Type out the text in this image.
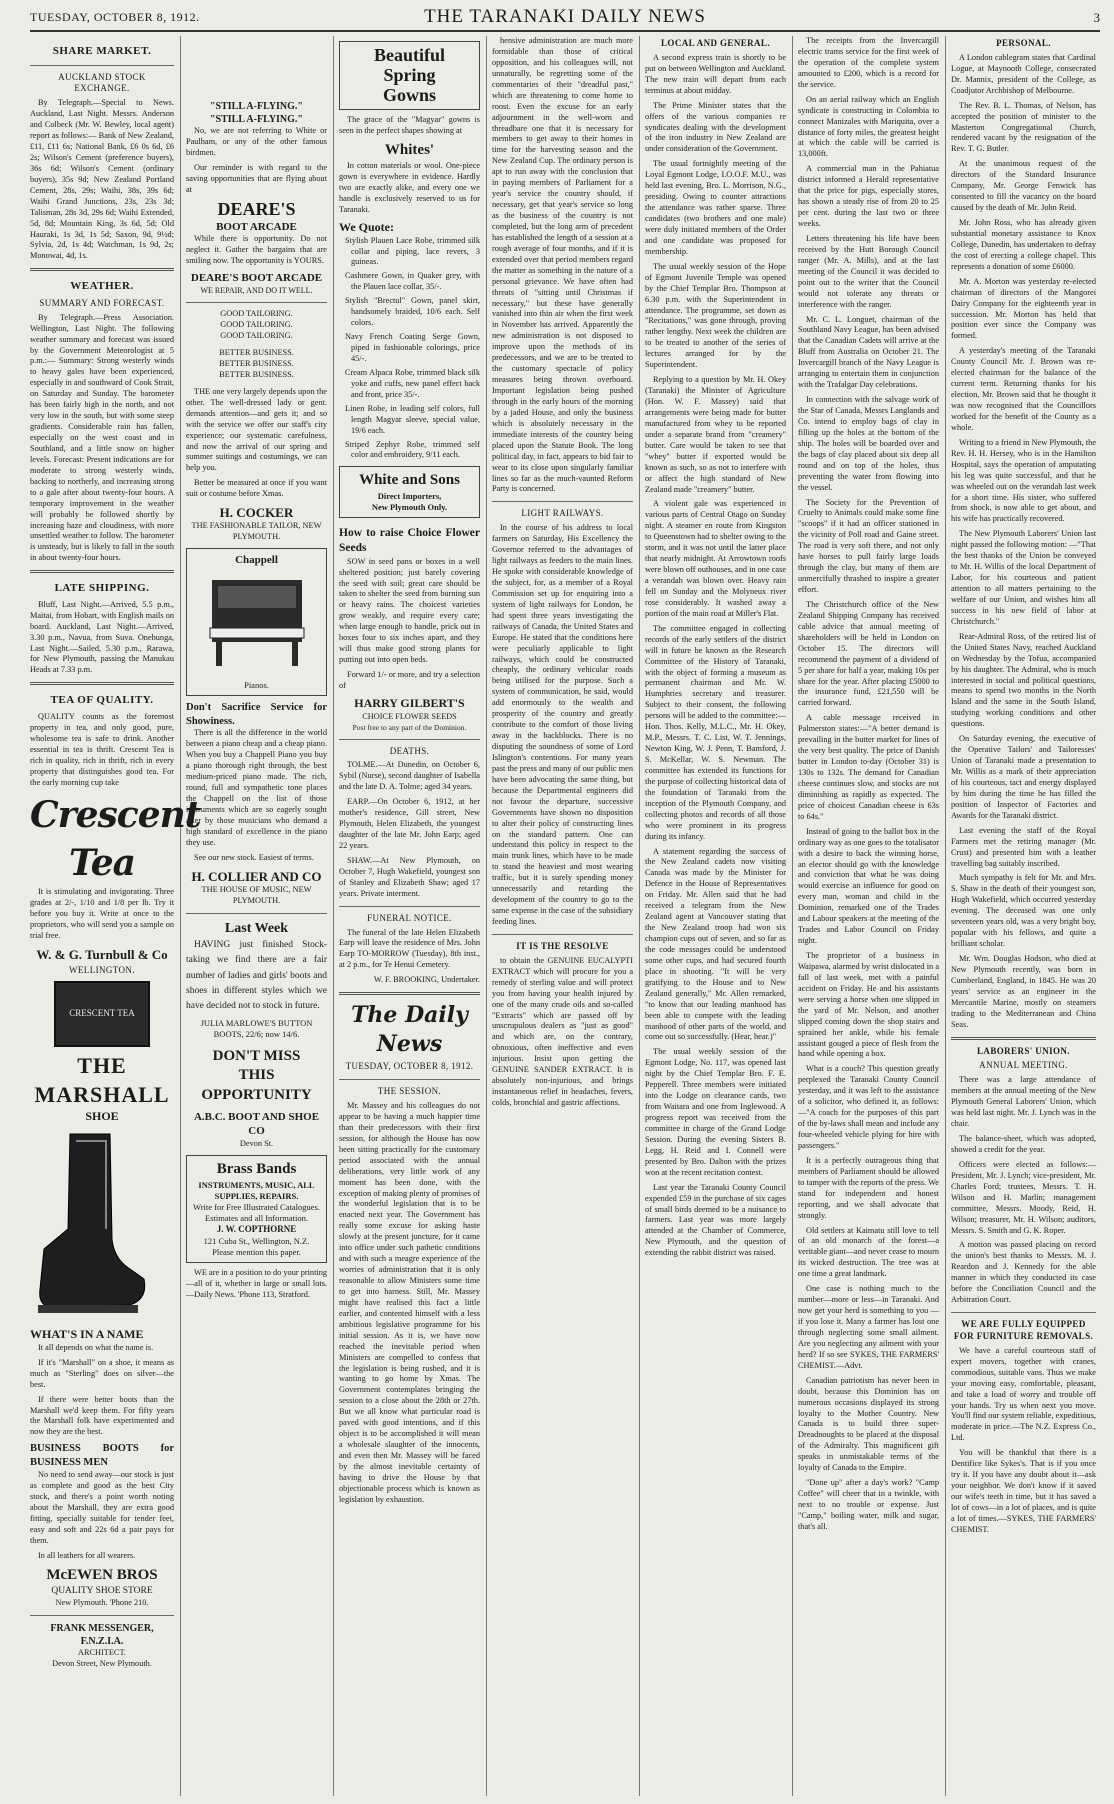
TUESDAY, OCTOBER 8, 1912.	THE TARANAKI DAILY NEWS	3
SHARE MARKET.
AUCKLAND STOCK EXCHANGE.

By Telegraph.—Special to News. Auckland, Last Night. Messrs. Anderson and Colbeck (Mr. W. Bewley, local agent) report as follows:— Bank of New Zealand, £11, £11 6s; National Bank, £6 0s 6d, £6 2s; Wilson's Cement (preference buyers), 36s 6d; Wilson's Cement (ordinary buyers), 35s 9d; New Zealand Portland Cement, 28s, 29s; Waihi, 38s, 39s 6d; Waihi Grand Junctions, 23s, 23s 3d; Talisman, 28s 3d, 29s 6d; Waihi Extended, 5d, 8d; Mountain King, 3s 6d, 5d; Old Hauraki, 1s 3d, 1s 5d; Saxon, 9d, 9½d; Sylvia, 2d, 1s 4d; Watchman, 1s 9d, 2s; Monowai, 4d, 1s.

WEATHER.
SUMMARY AND FORECAST.

By Telegraph.—Press Association. Wellington, Last Night. The following weather summary and forecast was issued by the Government Meteorologist at 5 p.m.:— Summary: Strong westerly winds to heavy gales have been experienced, especially in and southward of Cook Strait, on Saturday and Sunday. The barometer has been fairly high in the north, and not very low in the south, but with some steep gradients. Considerable rain has fallen, especially on the west coast and in Southland, and a little snow on higher levels. Forecast: Present indications are for moderate to strong westerly winds, backing to northerly, and increasing strong to a gale after about twenty-four hours. A temporary improvement in the weather will probably be followed shortly by increasing haze and cloudiness, with more unsettled weather to follow. The barometer is unsteady, but is likely to fall in the south in about twenty-four hours.

LATE SHIPPING.

Bluff, Last Night.—Arrived, 5.5 p.m., Maitai, from Hobart, with English mails on board. Auckland, Last Night.—Arrived, 3.30 p.m., Navua, from Suva. Onehunga, Last Night.—Sailed, 5.30 p.m., Rarawa, for New Plymouth, passing the Manukau Heads at 7.33 p.m.

TEA OF QUALITY.

QUALITY counts as the foremost property in tea, and only good, pure, wholesome tea is safe to drink. Another essential in tea is thrift. Crescent Tea is rich in quality, rich in thrift, rich in every property that distinguishes good tea. For the early morning cup take

Crescent Tea

It is stimulating and invigorating. Three grades at 2/-, 1/10 and 1/8 per lb. Try it before you buy it. Write at once to the proprietors, who will send you a sample on trial free.

W. & G. Turnbull & Co
WELLINGTON.
CRESCENT TEA
THE MARSHALL
SHOE
WHAT'S IN A NAME

It all depends on what the name is.

If it's "Marshall" on a shoe, it means as much as "Sterling" does on silver—the best.

If there were better boots than the Marshall we'd keep them. For fifty years the Marshall folk have experimented and now they are the best.

BUSINESS BOOTS for BUSINESS MEN

No need to send away—our stock is just as complete and good as the best City stock, and there's a point worth noting about the Marshall, they are extra good fitting, specially suitable for tender feet, easy and soft and 22s 6d a pair pays for them.

In all leathers for all wearers.

McEWEN BROS
QUALITY SHOE STORE
New Plymouth. 'Phone 210.
FRANK MESSENGER, F.N.Z.I.A.
ARCHITECT.
Devon Street, New Plymouth.
"STILL A-FLYING."
"STILL A-FLYING."

No, we are not referring to White or Paulham, or any of the other famous birdmen.

Our reminder is with regard to the saving opportunities that are flying about at

DEARE'S
BOOT ARCADE

While there is opportunity. Do not neglect it. Gather the bargains that are smiling now. The opportunity is YOURS.

DEARE'S BOOT ARCADE
WE REPAIR, AND DO IT WELL.
GOOD TAILORING.
GOOD TAILORING.
GOOD TAILORING.
BETTER BUSINESS.
BETTER BUSINESS.
BETTER BUSINESS.

THE one very largely depends upon the other. The well-dressed lady or gent. demands attention—and gets it; and so with the service we offer our staff's city experience; our systematic carefulness, and now the arrival of our spring and summer suitings and costumings, we can help you.

Better be measured at once if you want suit or costume before Xmas.

H. COCKER
THE FASHIONABLE TAILOR, NEW PLYMOUTH.
Chappell
Pianos.
Don't Sacrifice Service for Showiness.

There is all the difference in the world between a piano cheap and a cheap piano. When you buy a Chappell Piano you buy a piano thorough right through, the best medium-priced piano made. The rich, round, full and sympathetic tone places the Chappell on the list of those instruments which are so eagerly sought after by those musicians who demand a high standard of excellence in the piano they use.

See our new stock. Easiest of terms.

H. COLLIER AND CO
THE HOUSE OF MUSIC, NEW PLYMOUTH.
Last Week

HAVING just finished Stock-taking we find there are a fair number of ladies and girls' boots and shoes in different styles which we have decided not to stock in future.

JULIA MARLOWE'S BUTTON BOOTS, 22/6; now 14/6.
DON'T MISS
THIS
OPPORTUNITY
A.B.C. BOOT AND SHOE CO
Devon St.
Brass Bands
INSTRUMENTS, MUSIC, ALL SUPPLIES, REPAIRS.
Write for Free Illustrated Catalogues. Estimates and all Information.
J. W. COPTHORNE
121 Cuba St., Wellington, N.Z.
Please mention this paper.

WE are in a position to do your printing—all of it, whether in large or small lots.—Daily News. 'Phone 113, Stratford.

Beautiful
Spring
Gowns

The grace of the "Magyar" gowns is seen in the perfect shapes showing at

Whites'

In cotton materials or wool. One-piece gown is everywhere in evidence. Hardly two are exactly alike, and every one we handle is exclusively reserved to us for Taranaki.

We Quote:
Stylish Plauen Lace Robe, trimmed silk collar and piping, lace revers, 3 guineas.
Cashmere Gown, in Quaker grey, with the Plauen lace collar, 35/-.
Stylish "Brectul" Gown, panel skirt, handsomely braided, 10/6 each. Self colors.
Navy French Coating Serge Gown, piped in fashionable colorings, price 45/-.
Cream Alpaca Robe, trimmed black silk yoke and cuffs, new panel effect back and front, price 35/-.
Linen Robe, in leading self colors, full length Magyar sleeve, special value, 19/6 each.
Striped Zephyr Robe, trimmed self color and embroidery, 9/11 each.
White and Sons
Direct Importers,
New Plymouth Only.
How to raise Choice Flower Seeds

SOW in seed pans or boxes in a well sheltered position; just barely covering the seed with soil; great care should be taken to shelter the seed from burning sun or heavy rains. The choicest varieties grow weakly, and require every care; when large enough to handle, prick out in boxes four to six inches apart, and they will thus make good strong plants for putting out into open beds.

Forward 1/- or more, and try a selection of

HARRY GILBERT'S
CHOICE FLOWER SEEDS
Post free to any part of the Dominion.
DEATHS.

TOLME.—At Dunedin, on October 6, Sybil (Nurse), second daughter of Isabella and the late D. A. Tolme; aged 34 years.

EARP.—On October 6, 1912, at her mother's residence, Gill street, New Plymouth, Helen Elizabeth, the youngest daughter of the late Mr. John Earp; aged 22 years.

SHAW.—At New Plymouth, on October 7, Hugh Wakefield, youngest son of Stanley and Elizabeth Shaw; aged 17 years. Private interment.

FUNERAL NOTICE.

The funeral of the late Helen Elizabeth Earp will leave the residence of Mrs. John Earp TO-MORROW (Tuesday), 8th inst., at 2 p.m., for Te Henui Cemetery.

W. F. BROOKING, Undertaker.
The Daily News
TUESDAY, OCTOBER 8, 1912.
THE SESSION.

Mr. Massey and his colleagues do not appear to be having a much happier time than their predecessors with their first session, for although the House has now been sitting practically for the customary period associated with the annual deliberations, very little work of any moment has been done, with the exception of making plenty of promises of the wonderful legislation that is to be enacted next year. The Government has really some excuse for asking haste slowly at the present juncture, for it came into office under such pathetic conditions and with such a meagre experience of the worries of administration that it is only reasonable to allow Ministers some time to get into harness. Still, Mr. Massey might have realised this fact a little earlier, and contented himself with a less ambitious legislative programme for his initial session. As it is, we have now reached the inevitable period when Ministers are compelled to confess that the legislation is being rushed, and it is wanting to go home by Xmas. The Government contemplates bringing the session to a close about the 28th or 27th. But we all know what particular road is paved with good intentions, and if this object is to be accomplished it will mean a wholesale slaughter of the innocents, and even then Mr. Massey will be faced by the almost inevitable certainty of having to drive the House by that objectionable process which is known as legislation by exhaustion.

hensive administration are much more formidable than those of critical opposition, and his colleagues will, not unnaturally, be regretting some of the commentaries of their "dreadful past," which are threatening to come home to roost. Even the excuse for an early adjournment in the well-worn and threadbare one that it is necessary for members to get away to their homes in time for the harvesting season and the New Zealand Cup. The ordinary person is apt to run away with the conclusion that in paying members of Parliament for a year's service the country should, if necessary, get that year's service so long as the business of the country is not completed, but the long arm of precedent has established the length of a session at a rough average of four months, and if it is extended over that period members regard the matter as something in the nature of a personal grievance. We have often had threats of "sitting until Christmas if necessary," but these have generally vanished into thin air when the first week in November has arrived. Apparently the new administration is not disposed to improve upon the methods of its predecessors, and we are to be treated to the customary spectacle of policy measures being thrown overboard. Important legislation being pushed through in the early hours of the morning by a jaded House, and only the business which is absolutely necessary in the immediate interests of the country being placed upon the Statute Book. The long political day, in fact, appears to bid fair to wear to its close upon singularly familiar lines so far as the much-vaunted Reform Party is concerned.

LIGHT RAILWAYS.

In the course of his address to local farmers on Saturday, His Excellency the Governor referred to the advantages of light railways as feeders to the main lines. He spoke with considerable knowledge of the subject, for, as a member of a Royal Commission set up for enquiring into a system of light railways for London, he had spent three years investigating the railways of Canada, the United States and Europe. He stated that the conditions here were peculiarly applicable to light railways, which could be constructed cheaply, the ordinary vehicular roads being utilised for the purpose. Such a system of communication, he said, would add enormously to the wealth and prosperity of the country and greatly contribute to the comfort of those living away in the backblocks. There is no disputing the soundness of some of Lord Islington's contentions. For many years past the press and many of our public men have been advocating the same thing, but because the Departmental engineers did not favour the departure, successive Governments have shown no disposition to alter their policy of constructing lines on the standard pattern. One can understand this policy in respect to the main trunk lines, which have to be made to stand the heaviest and most wearing traffic, but it is surely spending money unnecessarily and retarding the development of the country to go to the same expense in the case of the subsidiary feeding lines.

IT IS THE RESOLVE

to obtain the GENUINE EUCALYPTI EXTRACT which will procure for you a remedy of sterling value and will protect you from having your health injured by one of the many crude oils and so-called "Extracts" which are passed off by unscrupulous dealers as "just as good" and which are, on the contrary, obnoxious, often ineffective and even injurious. Insist upon getting the GENUINE SANDER EXTRACT. It is absolutely non-injurious, and brings instantaneous relief in headaches, fevers, colds, bronchial and gastric affections.

LOCAL AND GENERAL.

A second express train is shortly to be put on between Wellington and Auckland. The new train will depart from each terminus at about midday.

The Prime Minister states that the offers of the various companies re syndicates dealing with the development of the iron industry in New Zealand are under consideration of the Government.

The usual fortnightly meeting of the Loyal Egmont Lodge, I.O.O.F. M.U., was held last evening, Bro. L. Morrison, N.G., presiding. Owing to counter attractions the attendance was rather sparse. Three candidates (two brothers and one male) were duly initiated members of the Order and one candidate was proposed for membership.

The usual weekly session of the Hope of Egmont Juvenile Temple was opened by the Chief Templar Bro. Thompson at 6.30 p.m. with the Superintendent in attendance. The programme, set down as "Recitations," was gone through, proving rather lengthy. Next week the children are to be treated to another of the series of lectures arranged for by the Superintendent.

Replying to a question by Mr. H. Okey (Taranaki) the Minister of Agriculture (Hon. W. F. Massey) said that arrangements were being made for butter manufactured from whey to be reported under a separate brand from "creamery" butter. Care would be taken to see that "whey" butter if exported would be known as such, so as not to interfere with or affect the high standard of New Zealand made "creamery" butter.

A violent gale was experienced in various parts of Central Otago on Sunday night. A steamer en route from Kingston to Queenstown had to shelter owing to the storm, and it was not until the latter place that nearly midnight. At Arrowtown roofs were blown off outhouses, and in one case a verandah was blown over. Heavy rain fell on Sunday and the Molyneux river rose considerably. It washed away a portion of the main road at Miller's Flat.

The committee engaged in collecting records of the early settlers of the district will in future be known as the Research Committee of the History of Taranaki, with the object of forming a museum as permanent chairman and Mr. W. Humphries secretary and treasurer. Subject to their consent, the following persons will be added to the committee:—Hon. Thos. Kelly, M.L.C., Mr. H. Okey, M.P., Messrs. T. C. List, W. T. Jennings, Newton King, W. J. Penn, T. Bamford, J. S. McKellar, W. S. Newman. The committee has extended its functions for the purpose of collecting historical data of the foundation of Taranaki from the inception of the Plymouth Company, and collecting photos and records of all those who were prominent in its progress during its infancy.

A statement regarding the success of the New Zealand cadets now visiting Canada was made by the Minister for Defence in the House of Representatives on Friday. Mr. Allen said that he had received a telegram from the New Zealand agent at Vancouver stating that the New Zealand troop had won six champion cups out of seven, and so far as the code messages could be understood some other cups, and had secured fourth place in shooting. "It will be very gratifying to the House and to New Zealand generally," Mr. Allen remarked, "to know that our leading manhood has been able to compete with the leading manhood of other parts of the world, and come out so successfully. (Hear, hear.)"

The usual weekly session of the Egmont Lodge, No. 117, was opened last night by the Chief Templar Bro. F. E. Pepperell. Three members were initiated into the Lodge on clearance cards, two from Waitara and one from Inglewood. A progress report was received from the committee in charge of the Grand Lodge Session. During the evening Sisters B. Legg, H. Reid and I. Connell were presented by Bro. Dalton with the prizes won at the recent recitation contest.

Last year the Taranaki County Council expended £59 in the purchase of six cages of small birds deemed to be a nuisance to farmers. Last year was more largely attended at the Chamber of Commerce, New Plymouth, and the question of extending the rabbit district was raised.

The receipts from the Invercargill electric trams service for the first week of the operation of the complete system amounted to £200, which is a record for the service.

On an aerial railway which an English syndicate is constructing in Colombia to connect Manizales with Mariquita, over a distance of forty miles, the greatest height at which the cable will be carried is 13,000ft.

A commercial man in the Pahiatua district informed a Herald representative that the price for pigs, especially stores, has shown a steady rise of from 20 to 25 per cent. during the last two or three weeks.

Letters threatening his life have been received by the Hutt Borough Council ranger (Mr. A. Mills), and at the last meeting of the Council it was decided to point out to the writer that the Council would not tolerate any threats or interference with the ranger.

Mr. C. L. Longuet, chairman of the Southland Navy League, has been advised that the Canadian Cadets will arrive at the Bluff from Australia on October 21. The Invercargill branch of the Navy League is arranging to entertain them in conjunction with the Trafalgar Day celebrations.

In connection with the salvage work of the Star of Canada, Messrs Langlands and Co. intend to employ bags of clay in filling up the holes at the bottom of the ship. The holes will be boarded over and the bags of clay placed about six deep all round and on top of the holes, thus preventing the water from flowing into the vessel.

The Society for the Prevention of Cruelty to Animals could make some fine "scoops" if it had an officer stationed in the vicinity of Poll road and Gaine street. The road is very soft there, and not only have horses to pull fairly large loads through the clay, but many of them are unmercifully thrashed to inspire a greater effort.

The Christchurch office of the New Zealand Shipping Company has received cable advice that annual meeting of shareholders will be held in London on October 15. The directors will recommend the payment of a dividend of 5 per share for half a year, making 10s per share for the year. After placing £5000 to the insurance fund, £21,550 will be carried forward.

A cable message received in Palmerston states:—"A better demand is prevailing in the butter market for lines of the very best quality. The price of Danish butter in London to-day (October 31) is 130s to 132s. The demand for Canadian cheese continues slow, and stocks are not diminishing as rapidly as expected. The price of choicest Canadian cheese is 63s to 64s."

Instead of going to the ballot box in the ordinary way as one goes to the totalisator with a desire to back the winning horse, an elector should go with the knowledge and conviction that what he was doing would exercise an influence for good on every man, woman and child in the Dominion, remarked one of the Trades and Labour speakers at the meeting of the Trades and Labor Council on Friday night.

The proprietor of a business in Waipawa, alarmed by wrist dislocated in a fall of last week, met with a painful accident on Friday. He and his assistants were serving a horse when one slipped in the yard of Mr. Nelson, and another slipped coming down the shop stairs and sprained her ankle, while his female assistant gouged a piece of flesh from the hand while opening a box.

What is a couch? This question greatly perplexed the Taranaki County Council yesterday, and it was left to the assistance of a solicitor, who defined it, as follows:—"A coach for the purposes of this part of the by-laws shall mean and include any four-wheeled vehicle plying for hire with passengers."

It is a perfectly outrageous thing that members of Parliament should be allowed to tamper with the reports of the press. We stand for independent and honest reporting, and we shall advocate that strongly.

Old settlers at Kaimatu still love to tell of an old monarch of the forest—a veritable giant—and never cease to mourn its wicked destruction. The tree was at one time a great landmark.

One case is nothing much to the number—more or less—in Taranaki. And now get your herd is something to you —if you lose it. Many a farmer has lost one through neglecting some small ailment. Are you neglecting any ailment with your herd? If so see SYKES, THE FARMERS' CHEMIST.—Advt.

Canadian patriotism has never been in doubt, because this Dominion has on numerous occasions displayed its strong loyalty to the Mother Country. New Canada is to build three super-Dreadnoughts to be placed at the disposal of the Admiralty. This magnificent gift speaks in unmistakable terms of the loyalty of Canada to the Empire.

"Done up" after a day's work? "Camp Coffee" will cheer that in a twinkle, with next to no trouble or expense. Just "Camp," boiling water, milk and sugar, that's all.

PERSONAL.

A London cablegram states that Cardinal Logue, at Maynooth College, consecrated Dr. Mannix, president of the College, as Coadjutor Archbishop of Melbourne.

The Rev. B. L. Thomas, of Nelson, has accepted the position of minister to the Masterton Congregational Church, rendered vacant by the resignation of the Rev. T. G. Butler.

At the unanimous request of the directors of the Standard Insurance Company, Mr. George Fenwick has consented to fill the vacancy on the board caused by the death of Mr. John Reid.

Mr. John Ross, who has already given substantial monetary assistance to Knox College, Dunedin, has undertaken to defray the cost of erecting a college chapel. This represents a donation of some £6000.

Mr. A. Morton was yesterday re-elected chairman of directors of the Mangorei Dairy Company for the eighteenth year in succession. Mr. Morton has held that position ever since the Company was formed.

A yesterday's meeting of the Taranaki County Council Mr. J. Brown was re-elected chairman for the balance of the current term. Returning thanks for his election, Mr. Brown said that he thought it was now recognised that the Councillors worked for the benefit of the County as a whole.

Writing to a friend in New Plymouth, the Rev. H. H. Hersey, who is in the Hamilton Hospital, says the operation of amputating his leg was quite successful, and that he was wheeled out on the verandah last week for a short time. His sister, who suffered from shock, is now able to get about, and his wife has practically recovered.

The New Plymouth Laborers' Union last night passed the following motion: —"That the best thanks of the Union be conveyed to Mr. H. Willis of the local Department of Labor, for his courteous and patient attention to all matters pertaining to the welfare of our Union, and wishes him all success in his new field of labor at Christchurch."

Rear-Admiral Ross, of the retired list of the United States Navy, reached Auckland on Wednesday by the Tofua, accompanied by his daughter. The Admiral, who is much interested in social and political questions, means to spend two months in the North Island and the same in the South Island, studying working conditions and other questions.

On Saturday evening, the executive of the Operative Tailors' and Tailoresses' Union of Taranaki made a presentation to Mr. Willis as a mark of their appreciation of his courteous, tact and energy displayed by him during the time he has filled the position of Inspector of Factories and Awards for the Taranaki district.

Last evening the staff of the Royal Farmers met the retiring manager (Mr. Crust) and presented him with a leather travelling bag suitably inscribed.

Much sympathy is felt for Mr. and Mrs. S. Shaw in the death of their youngest son, Hugh Wakefield, which occurred yesterday evening. The deceased was one only seventeen years old, was a very bright boy, popular with his fellows, and quite a brilliant scholar.

Mr. Wm. Douglas Hodson, who died at New Plymouth recently, was born in Cumberland, England, in 1845. He was 20 years' service as an engineer in the Mercantile Marine, mostly on steamers trading to the Mediterranean and China Seas.

LABORERS' UNION.
ANNUAL MEETING.

There was a large attendance of members at the annual meeting of the New Plymouth General Laborers' Union, which was held last night. Mr. J. Lynch was in the chair.

The balance-sheet, which was adopted, showed a credit for the year.

Officers were elected as follows:—President, Mr. J. Lynch; vice-president, Mr. Charles Ford; trustees, Messrs. T. H. Wilson and H. Marlin; management committee, Messrs. Moody, Reid, H. Wilson; treasurer, Mr. H. Wilson; auditors, Messrs. S. Smith and G. K. Roper.

A motion was passed placing on record the union's best thanks to Messrs. M. J. Reardon and J. Kennedy for the able manner in which they conducted its case before the Conciliation Council and the Arbitration Court.

WE ARE FULLY EQUIPPED FOR FURNITURE REMOVALS.

We have a careful courteous staff of expert movers, together with cranes, commodious, suitable vans. Thus we make your moving easy, comfortable, pleasant, and take a load of worry and trouble off your hands. Try us when next you move. You'll find our system reliable, expeditious, moderate in price.—The N.Z. Express Co., Ltd.

You will be thankful that there is a Dentifice like Sykes's. That is if you once try it. If you have any doubt about it—ask your neighbor. We don't know if it saved our wife's teeth in time, but it has saved a lot of cows—in a lot of places, and is quite a lot of times.—SYKES, THE FARMERS' CHEMIST.
